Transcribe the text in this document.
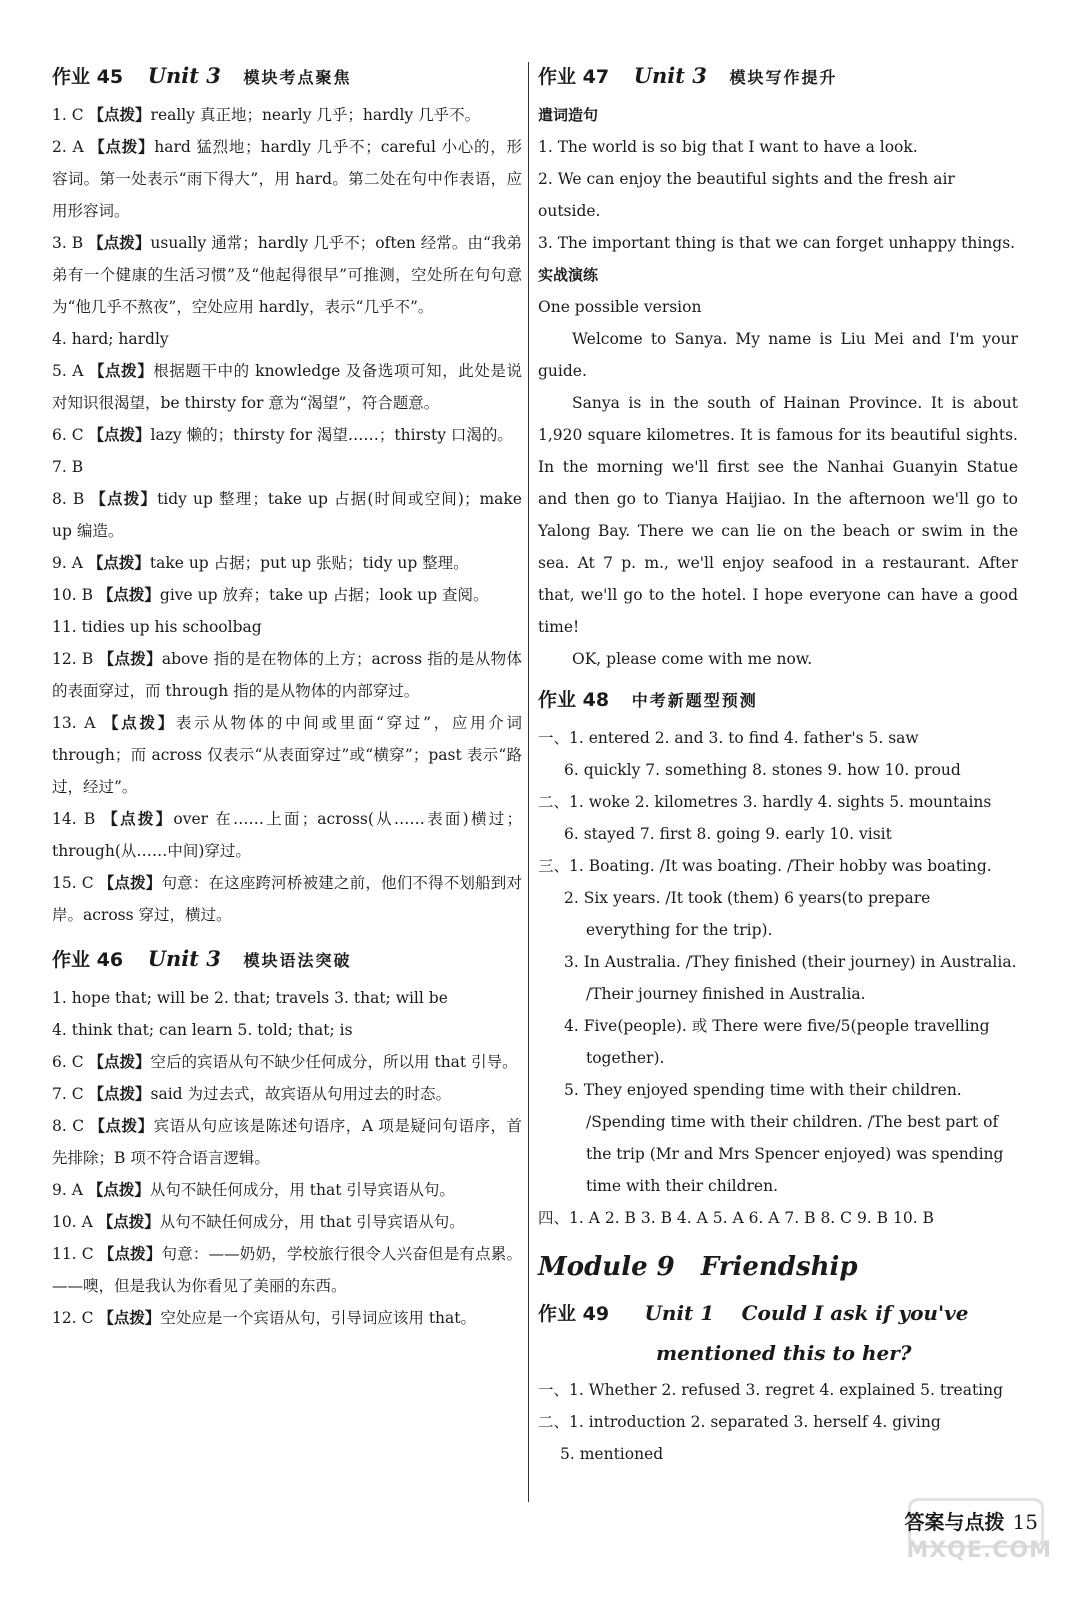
作业 45 Unit 3 模块考点聚焦

1. C 【点拨】really 真正地；nearly 几乎；hardly 几乎不。

2. A 【点拨】hard 猛烈地；hardly 几乎不；careful 小心的，形容词。第一处表示“雨下得大”，用 hard。第二处在句中作表语，应用形容词。

3. B 【点拨】usually 通常；hardly 几乎不；often 经常。由“我弟弟有一个健康的生活习惯”及“他起得很早”可推测，空处所在句句意为“他几乎不熬夜”，空处应用 hardly，表示“几乎不”。

4. hard; hardly

5. A 【点拨】根据题干中的 knowledge 及备选项可知，此处是说对知识很渴望，be thirsty for 意为“渴望”，符合题意。

6. C 【点拨】lazy 懒的；thirsty for 渴望……；thirsty 口渴的。

7. B

8. B 【点拨】tidy up 整理；take up 占据(时间或空间)；make up 编造。

9. A 【点拨】take up 占据；put up 张贴；tidy up 整理。

10. B 【点拨】give up 放弃；take up 占据；look up 查阅。

11. tidies up his schoolbag

12. B 【点拨】above 指的是在物体的上方；across 指的是从物体的表面穿过，而 through 指的是从物体的内部穿过。

13. A 【点拨】表示从物体的中间或里面“穿过”，应用介词 through；而 across 仅表示“从表面穿过”或“横穿”；past 表示“路过，经过”。

14. B 【点拨】over 在……上面；across(从……表面)横过；through(从……中间)穿过。

15. C 【点拨】句意：在这座跨河桥被建之前，他们不得不划船到对岸。across 穿过，横过。

作业 46 Unit 3 模块语法突破

1. hope that; will be 2. that; travels 3. that; will be

4. think that; can learn 5. told; that; is

6. C 【点拨】空后的宾语从句不缺少任何成分，所以用 that 引导。

7. C 【点拨】said 为过去式，故宾语从句用过去的时态。

8. C 【点拨】宾语从句应该是陈述句语序，A 项是疑问句语序，首先排除；B 项不符合语言逻辑。

9. A 【点拨】从句不缺任何成分，用 that 引导宾语从句。

10. A 【点拨】从句不缺任何成分，用 that 引导宾语从句。

11. C 【点拨】句意：——奶奶，学校旅行很令人兴奋但是有点累。——噢，但是我认为你看见了美丽的东西。

12. C 【点拨】空处应是一个宾语从句，引导词应该用 that。

作业 47 Unit 3 模块写作提升
遣词造句

1. The world is so big that I want to have a look.

2. We can enjoy the beautiful sights and the fresh air outside.

3. The important thing is that we can forget unhappy things.

实战演练
One possible version

Welcome to Sanya. My name is Liu Mei and I'm your guide.

Sanya is in the south of Hainan Province. It is about 1,920 square kilometres. It is famous for its beautiful sights. In the morning we'll first see the Nanhai Guanyin Statue and then go to Tianya Haijiao. In the afternoon we'll go to Yalong Bay. There we can lie on the beach or swim in the sea. At 7 p. m., we'll enjoy seafood in a restaurant. After that, we'll go to the hotel. I hope everyone can have a good time!

OK, please come with me now.

作业 48 中考新题型预测

一、1. entered 2. and 3. to find 4. father's 5. saw

6. quickly 7. something 8. stones 9. how 10. proud

二、1. woke 2. kilometres 3. hardly 4. sights 5. mountains

6. stayed 7. first 8. going 9. early 10. visit

三、1. Boating. /It was boating. /Their hobby was boating.

2. Six years. /It took (them) 6 years(to prepare everything for the trip).

3. In Australia. /They finished (their journey) in Australia. /Their journey finished in Australia.

4. Five(people). 或 There were five/5(people travelling together).

5. They enjoyed spending time with their children. /Spending time with their children. /The best part of the trip (Mr and Mrs Spencer enjoyed) was spending time with their children.

四、1. A 2. B 3. B 4. A 5. A 6. A 7. B 8. C 9. B 10. B

Module 9 Friendship
作业 49 Unit 1 Could I ask if you've
mentioned this to her?

一、1. Whether 2. refused 3. regret 4. explained 5. treating

二、1. introduction 2. separated 3. herself 4. giving

5. mentioned

答案与点拨 15
MXQE.COM
